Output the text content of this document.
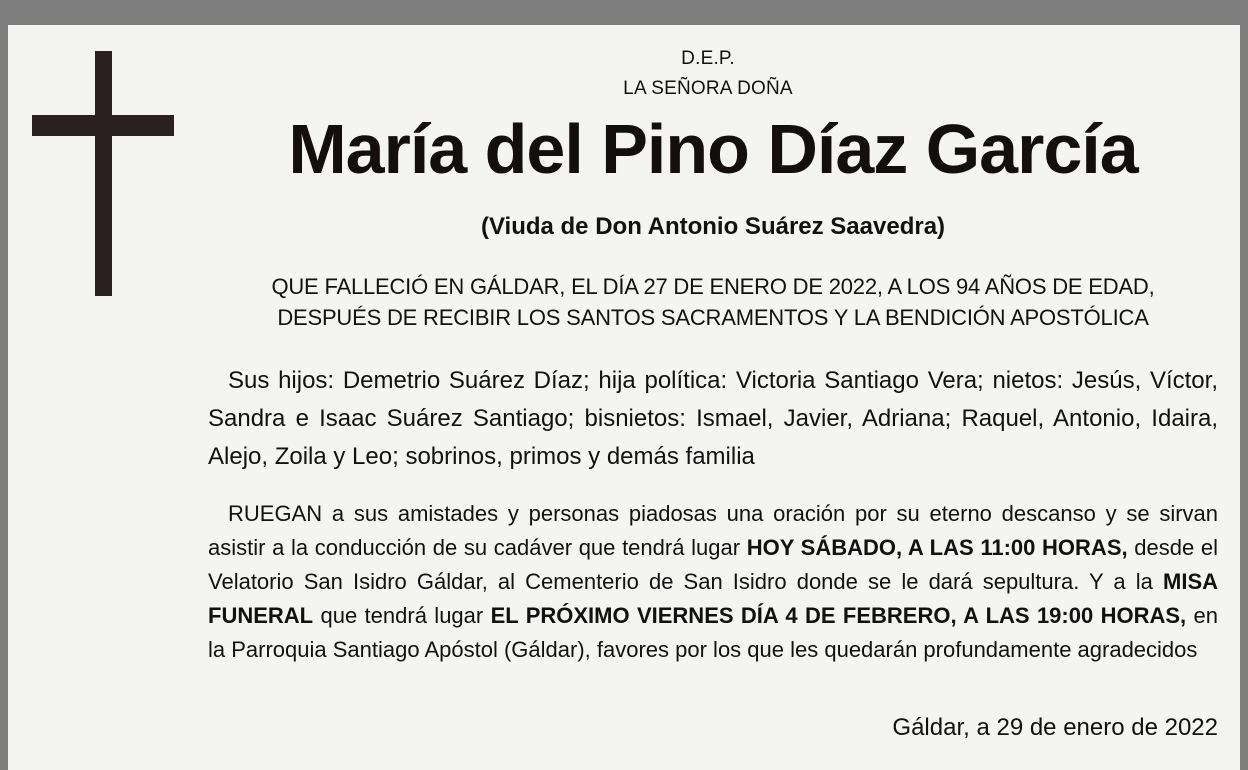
D.E.P.
LA SEÑORA DOÑA
María del Pino Díaz García
(Viuda de Don Antonio Suárez Saavedra)
QUE FALLECIÓ EN GÁLDAR, EL DÍA 27 DE ENERO DE 2022, A LOS 94 AÑOS DE EDAD,
DESPUÉS DE RECIBIR LOS SANTOS SACRAMENTOS Y LA BENDICIÓN APOSTÓLICA
Sus hijos: Demetrio Suárez Díaz; hija política: Victoria Santiago Vera; nietos: Jesús, Víctor, Sandra e Isaac Suárez Santiago; bisnietos: Ismael, Javier, Adriana; Raquel, Antonio, Idaira, Alejo, Zoila y Leo; sobrinos, primos y demás familia
RUEGAN a sus amistades y personas piadosas una oración por su eterno descanso y se sirvan asistir a la conducción de su cadáver que tendrá lugar HOY SÁBADO, A LAS 11:00 HORAS, desde el Velatorio San Isidro Gáldar, al Cementerio de San Isidro donde se le dará sepultura. Y a la MISA FUNERAL que tendrá lugar EL PRÓXIMO VIERNES DÍA 4 DE FEBRERO, A LAS 19:00 HORAS, en la Parroquia Santiago Apóstol (Gáldar), favores por los que les quedarán profundamente agradecidos
Gáldar, a 29 de enero de 2022
